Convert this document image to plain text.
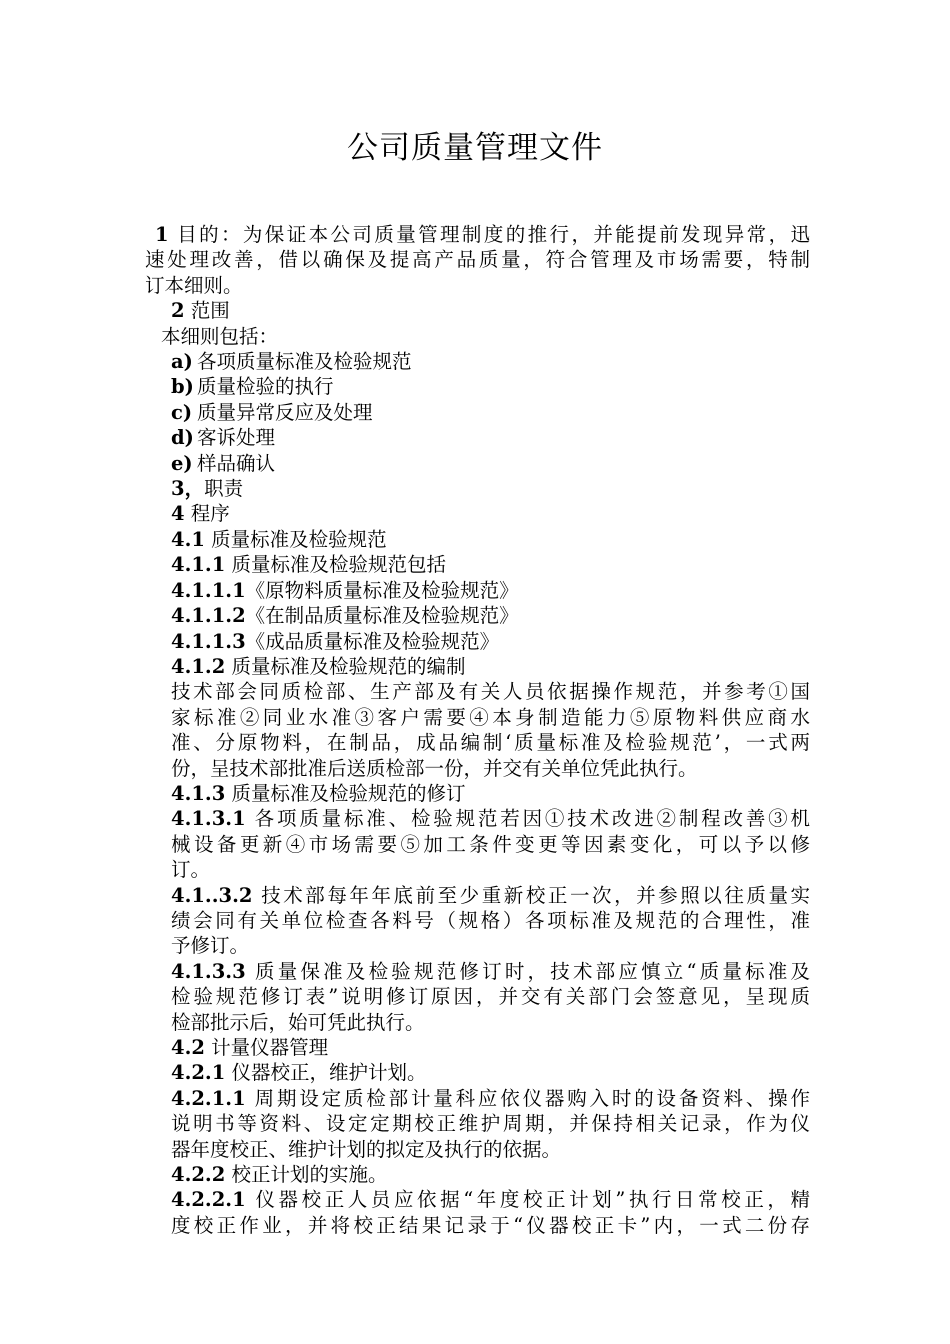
公司质量管理文件
1 目的：为保证本公司质量管理制度的推行，并能提前发现异常，迅
速处理改善，借以确保及提高产品质量，符合管理及市场需要，特制
订本细则。
2 范围
本细则包括：
a) 各项质量标准及检验规范
b) 质量检验的执行
c) 质量异常反应及处理
d) 客诉处理
e) 样品确认
3，职责
4 程序
4.1 质量标准及检验规范
4.1.1 质量标准及检验规范包括
4.1.1.1《原物料质量标准及检验规范》
4.1.1.2《在制品质量标准及检验规范》
4.1.1.3《成品质量标准及检验规范》
4.1.2 质量标准及检验规范的编制
技术部会同质检部、生产部及有关人员依据操作规范，并参考①国
家标准②同业水准③客户需要④本身制造能力⑤原物料供应商水
准、分原物料，在制品，成品编制‘质量标准及检验规范’，一式两
份，呈技术部批准后送质检部一份，并交有关单位凭此执行。
4.1.3 质量标准及检验规范的修订
4.1.3.1 各项质量标准、检验规范若因①技术改进②制程改善③机
械设备更新④市场需要⑤加工条件变更等因素变化，可以予以修
订。
4.1..3.2 技术部每年年底前至少重新校正一次，并参照以往质量实
绩会同有关单位检查各料号（规格）各项标准及规范的合理性，准
予修订。
4.1.3.3 质量保准及检验规范修订时，技术部应慎立“质量标准及
检验规范修订表”说明修订原因，并交有关部门会签意见，呈现质
检部批示后，始可凭此执行。
4.2 计量仪器管理
4.2.1 仪器校正，维护计划。
4.2.1.1 周期设定质检部计量科应依仪器购入时的设备资料、操作
说明书等资料、设定定期校正维护周期，并保持相关记录，作为仪
器年度校正、维护计划的拟定及执行的依据。
4.2.2 校正计划的实施。
4.2.2.1 仪器校正人员应依据“年度校正计划”执行日常校正，精
度校正作业，并将校正结果记录于“仪器校正卡”内，一式二份存
